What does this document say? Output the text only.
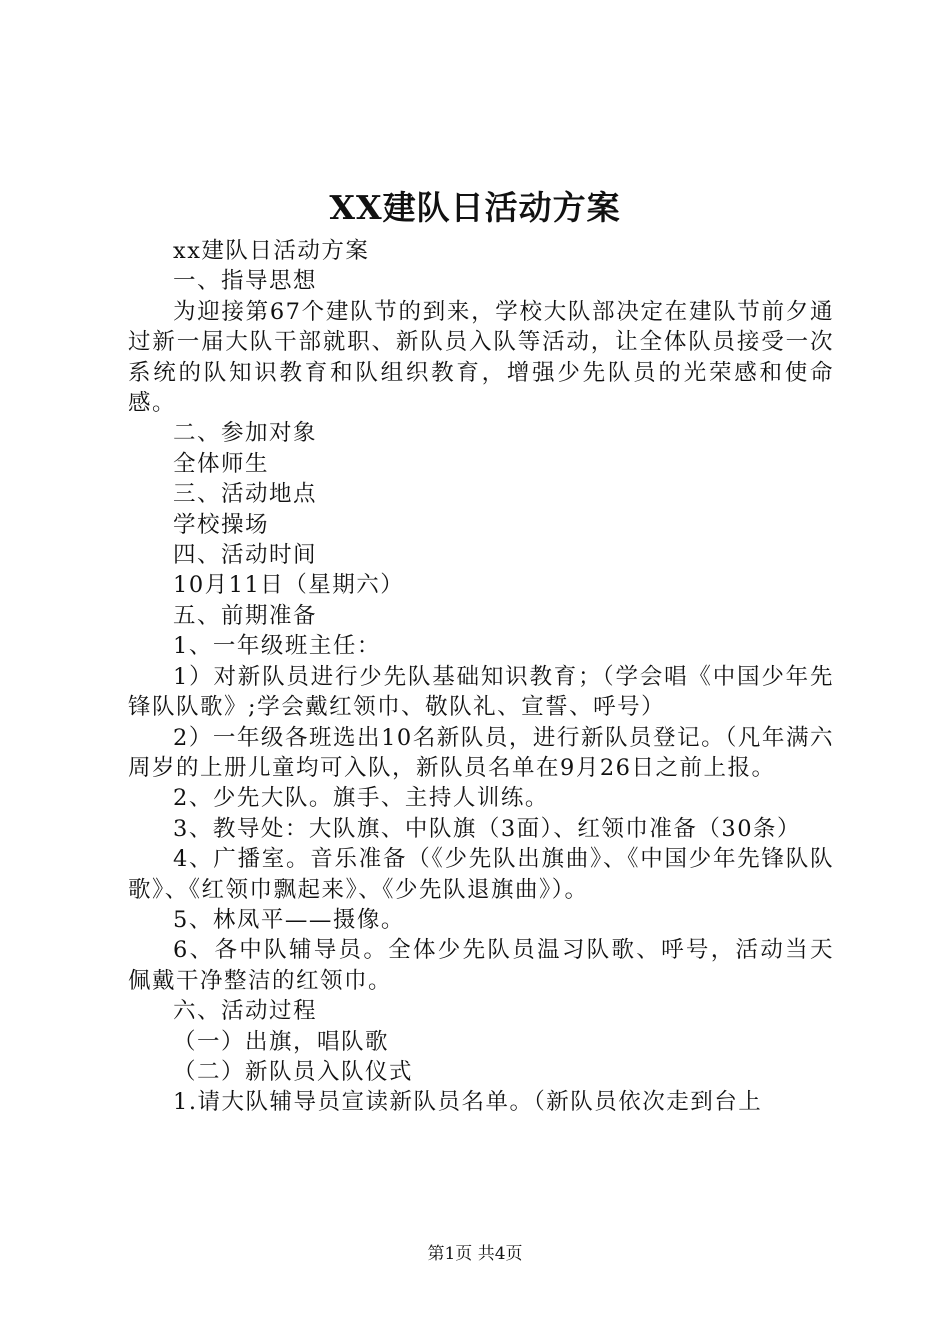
XX建队日活动方案

xx建队日活动方案

一、指导思想

为迎接第67个建队节的到来，学校大队部决定在建队节前夕通过新一届大队干部就职、新队员入队等活动，让全体队员接受一次系统的队知识教育和队组织教育，增强少先队员的光荣感和使命感。

二、参加对象

全体师生

三、活动地点

学校操场

四、活动时间

10月11日（星期六）

五、前期准备

1、一年级班主任：

1）对新队员进行少先队基础知识教育；（学会唱《中国少年先锋队队歌》;学会戴红领巾、敬队礼、宣誓、呼号）

2）一年级各班选出10名新队员，进行新队员登记。（凡年满六周岁的上册儿童均可入队，新队员名单在9月26日之前上报。

2、少先大队。旗手、主持人训练。

3、教导处：大队旗、中队旗（3面）、红领巾准备（30条）

4、广播室。音乐准备（《少先队出旗曲》、《中国少年先锋队队歌》、《红领巾飘起来》、《少先队退旗曲》）。

5、林凤平——摄像。

6、各中队辅导员。全体少先队员温习队歌、呼号，活动当天佩戴干净整洁的红领巾。

六、活动过程

（一）出旗，唱队歌

（二）新队员入队仪式

1.请大队辅导员宣读新队员名单。（新队员依次走到台上

第1页 共4页
